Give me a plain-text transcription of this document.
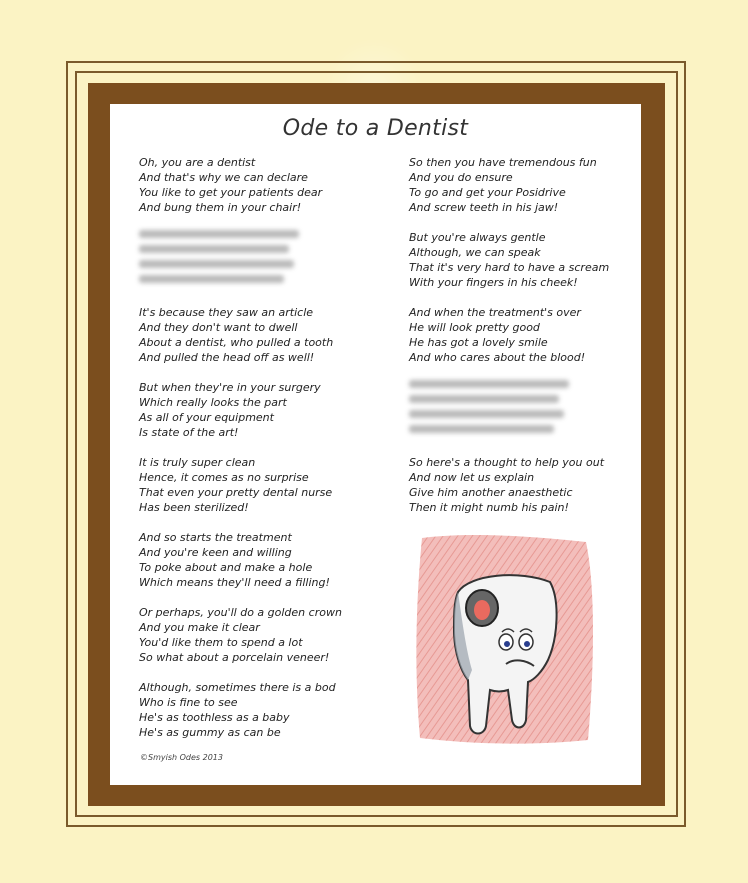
Ode to a Dentist
Oh, you are a dentist
And that's why we can declare
You like to get your patients dear
And bung them in your chair!
It's because they saw an article
And they don't want to dwell
About a dentist, who pulled a tooth
And pulled the head off as well!
But when they're in your surgery
Which really looks the part
As all of your equipment
Is state of the art!
It is truly super clean
Hence, it comes as no surprise
That even your pretty dental nurse
Has been sterilized!
And so starts the treatment
And you're keen and willing
To poke about and make a hole
Which means they'll need a filling!
Or perhaps, you'll do a golden crown
And you make it clear
You'd like them to spend a lot
So what about a porcelain veneer!
Although, sometimes there is a bod
Who is fine to see
He's as toothless as a baby
He's as gummy as can be
So then you have tremendous fun
And you do ensure
To go and get your Posidrive
And screw teeth in his jaw!
But you're always gentle
Although, we can speak
That it's very hard to have a scream
With your fingers in his cheek!
And when the treatment's over
He will look pretty good
He has got a lovely smile
And who cares about the blood!
So here's a thought to help you out
And now let us explain
Give him another anaesthetic
Then it might numb his pain!
©Smyish Odes 2013
